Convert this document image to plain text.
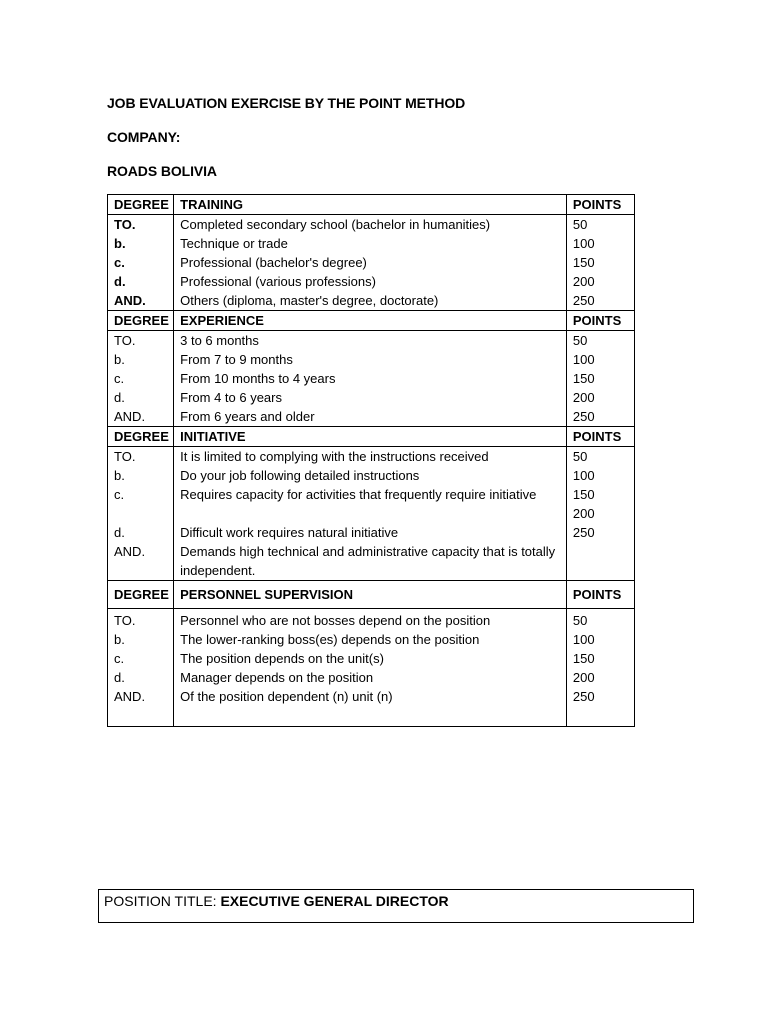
JOB EVALUATION EXERCISE BY THE POINT METHOD
COMPANY:
ROADS BOLIVIA
DEGREE	TRAINING	POINTS
TO.	Completed secondary school (bachelor in humanities)	50
b.	Technique or trade	100
c.	Professional (bachelor's degree)	150
d.	Professional (various professions)	200
AND.	Others (diploma, master's degree, doctorate)	250
DEGREE	EXPERIENCE	POINTS
TO.	3 to 6 months	50
b.	From 7 to 9 months	100
c.	From 10 months to 4 years	150
d.	From 4 to 6 years	200
AND.	From 6 years and older	250
DEGREE	INITIATIVE	POINTS
TO.	It is limited to complying with the instructions received	50
b.	Do your job following detailed instructions	100
c.	Requires capacity for activities that frequently require initiative	150
		200
d.	Difficult work requires natural initiative	250
AND.	Demands high technical and administrative capacity that is totally independent.	
DEGREE	PERSONNEL SUPERVISION	POINTS
TO.	Personnel who are not bosses depend on the position	50
b.	The lower-ranking boss(es) depends on the position	100
c.	The position depends on the unit(s)	150
d.	Manager depends on the position	200
AND.	Of the position dependent (n) unit (n)	250
POSITION TITLE: EXECUTIVE GENERAL DIRECTOR
